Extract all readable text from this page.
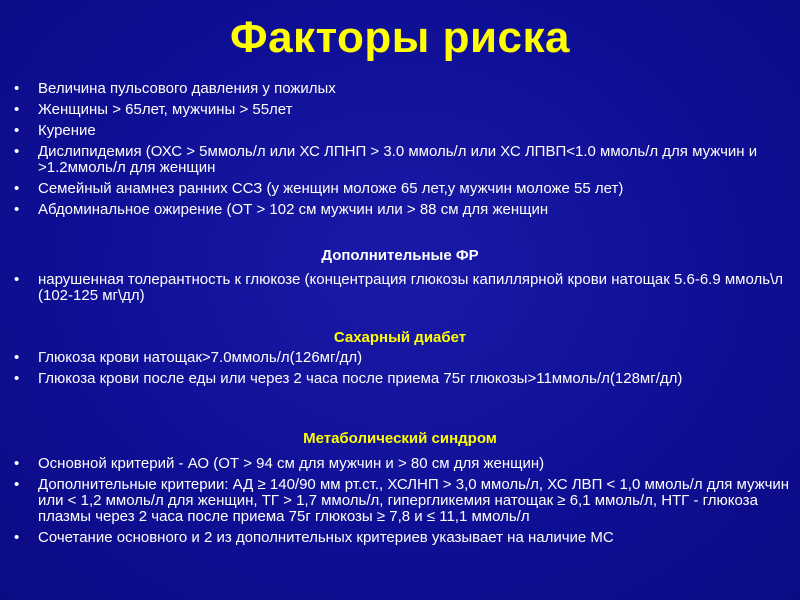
Факторы риска
• Величина пульсового давления у пожилых
• Женщины > 65лет, мужчины > 55лет
• Курение
• Дислипидемия (ОХС > 5ммоль/л или ХС ЛПНП > 3.0 ммоль/л или ХС ЛПВП<1.0 ммоль/л для мужчин и >1.2ммоль/л для женщин
• Семейный анамнез ранних ССЗ (у женщин моложе 65 лет,у мужчин моложе 55 лет)
• Абдоминальное ожирение (ОТ > 102 см мужчин или > 88 см для женщин
Дополнительные ФР
• нарушенная толерантность к глюкозе (концентрация глюкозы капиллярной крови натощак 5.6-6.9 ммоль\л (102-125 мг\дл)
Сахарный диабет
• Глюкоза крови натощак>7.0ммоль/л(126мг/дл)
• Глюкоза крови после еды или через 2 часа после приема 75г глюкозы>11ммоль/л(128мг/дл)
Метаболический синдром
• Основной критерий - АО (ОТ > 94 см для мужчин и > 80 см для женщин)
• Дополнительные критерии: АД ≥ 140/90 мм рт.ст., ХСЛНП > 3,0 ммоль/л, ХС ЛВП < 1,0 ммоль/л для мужчин или < 1,2 ммоль/л для женщин, ТГ > 1,7 ммоль/л, гипергликемия натощак ≥ 6,1 ммоль/л, НТГ - глюкоза плазмы через 2 часа после приема 75г глюкозы ≥ 7,8 и ≤ 11,1 ммоль/л
• Сочетание основного и 2 из дополнительных критериев указывает на наличие МС
